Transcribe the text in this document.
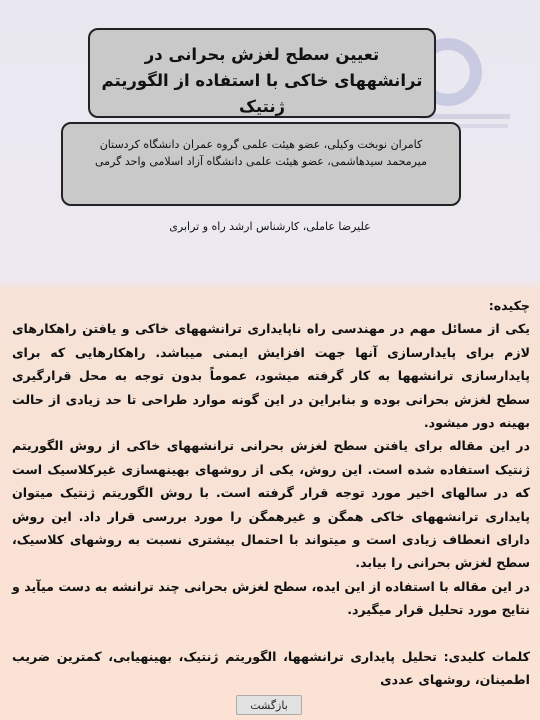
تعیین سطح لغزش بحرانی در ترانشههای خاکی با استفاده از الگوریتم ژنتیک
کامران نوبخت وکیلی، عضو هیئت علمی گروه عمران دانشگاه کردستان
میرمحمد سیدهاشمی، عضو هیئت علمی دانشگاه آزاد اسلامی واحد گرمی
علیرضا عاملی، کارشناس ارشد راه و ترابری

چکیده:

یکی از مسائل مهم در مهندسی راه ناپایداری ترانشههای خاکی و یافتن راهکارهای لازم برای پایدارسازی آنها جهت افزایش ایمنی میباشد. راهکارهایی که برای پایدارسازی ترانشهها به کار گرفته میشود، عموماً بدون توجه به محل قرارگیری سطح لغزش بحرانی بوده و بنابراین در این گونه موارد طراحی تا حد زیادی از حالت بهینه دور میشود.

در این مقاله برای یافتن سطح لغزش بحرانی ترانشههای خاکی از روش الگوریتم ژنتیک استفاده شده است. این روش، یکی از روشهای بهینهسازی غیرکلاسیک است که در سالهای اخیر مورد توجه قرار گرفته است. با روش الگوریتم ژنتیک میتوان پایداری ترانشههای خاکی همگن و غیرهمگن را مورد بررسی قرار داد. این روش دارای انعطاف زیادی است و میتواند با احتمال بیشتری نسبت به روشهای کلاسیک، سطح لغزش بحرانی را بیابد.

در این مقاله با استفاده از این ایده، سطح لغزش بحرانی چند ترانشه به دست میآید و نتایج مورد تحلیل قرار میگیرد.

کلمات کلیدی: تحلیل پایداری ترانشهها، الگوریتم ژنتیک، بهینهیابی، کمترین ضریب اطمینان، روشهای عددی

بازگشت
